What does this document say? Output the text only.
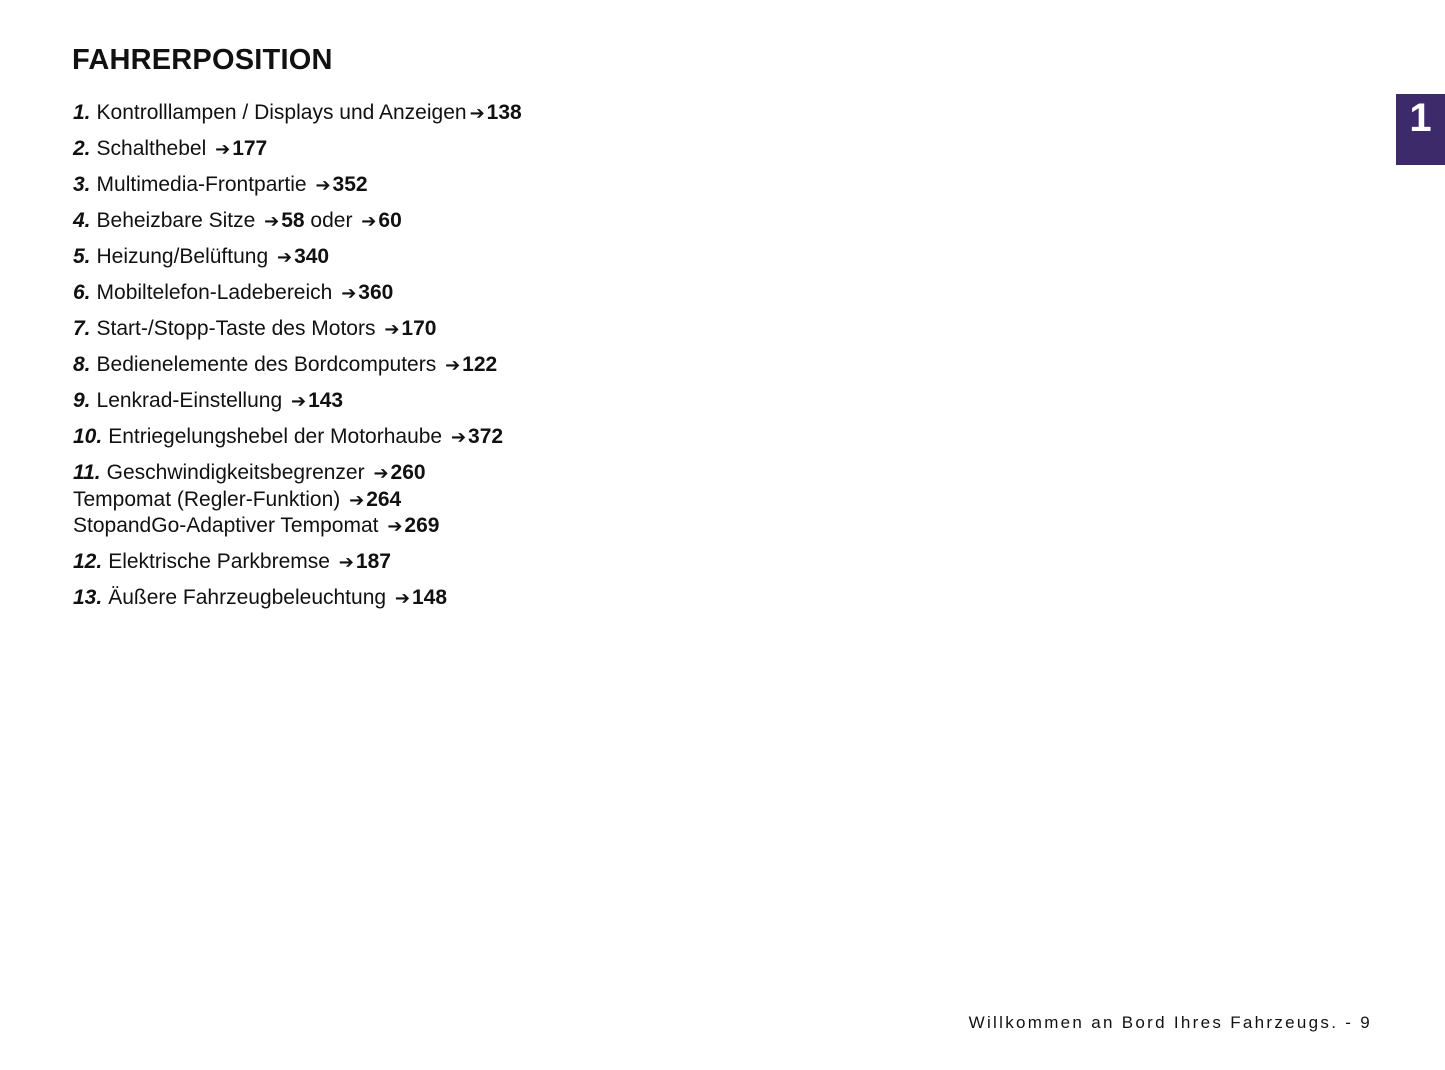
FAHRERPOSITION
1. Kontrolllampen / Displays und Anzeigen ➔138
2. Schalthebel ➔177
3. Multimedia-Frontpartie ➔352
4. Beheizbare Sitze ➔58 oder ➔60
5. Heizung/Belüftung ➔340
6. Mobiltelefon-Ladebereich ➔360
7. Start-/Stopp-Taste des Motors ➔170
8. Bedienelemente des Bordcomputers ➔122
9. Lenkrad-Einstellung ➔143
10. Entriegelungshebel der Motorhaube ➔372
11. Geschwindigkeitsbegrenzer ➔260
Tempomat (Regler-Funktion) ➔264
StopandGo-Adaptiver Tempomat ➔269
12. Elektrische Parkbremse ➔187
13. Äußere Fahrzeugbeleuchtung ➔148
1
Willkommen an Bord Ihres Fahrzeugs. - 9
